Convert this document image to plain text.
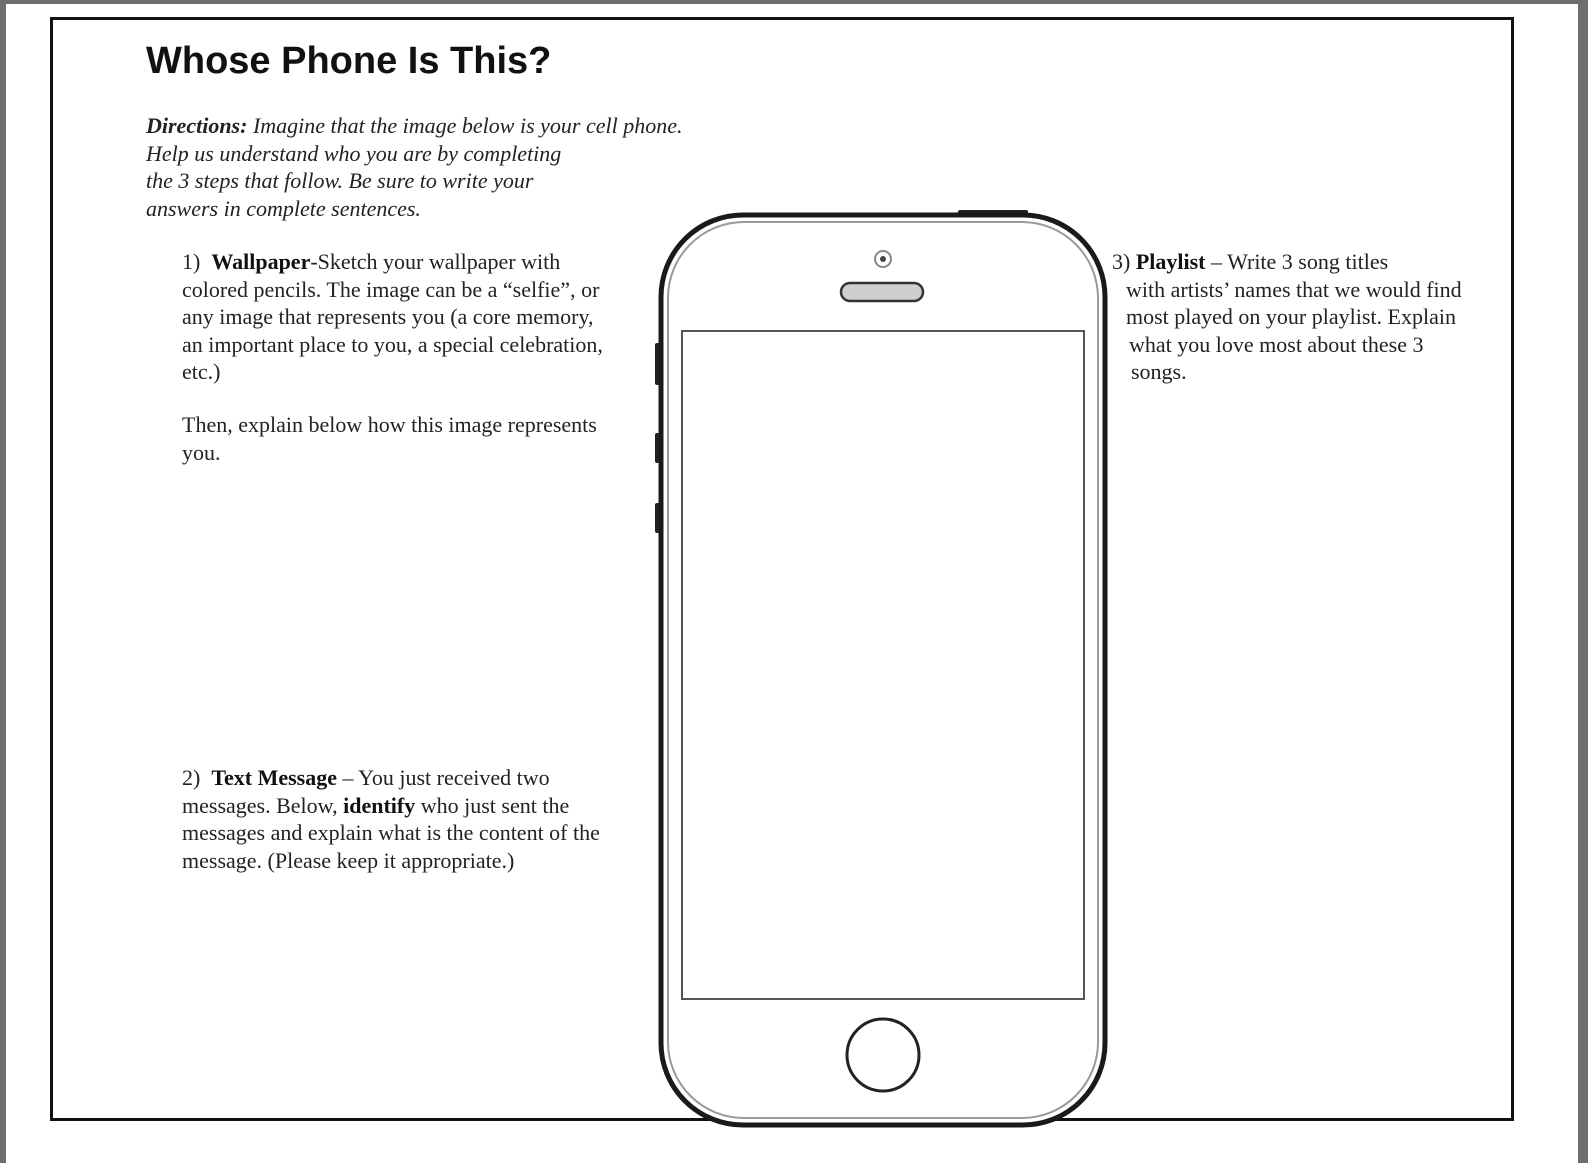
Whose Phone Is This?
Directions: Imagine that the image below is your cell phone.
Help us understand who you are by completing
the 3 steps that follow. Be sure to write your
answers in complete sentences.
1) Wallpaper-Sketch your wallpaper with
colored pencils. The image can be a “selfie”, or
any image that represents you (a core memory,
an important place to you, a special celebration,
etc.)
Then, explain below how this image represents
you.
2) Text Message – You just received two
messages. Below, identify who just sent the
messages and explain what is the content of the
message. (Please keep it appropriate.)
3) Playlist – Write 3 song titles
with artists’ names that we would find
most played on your playlist. Explain
what you love most about these 3
songs.
